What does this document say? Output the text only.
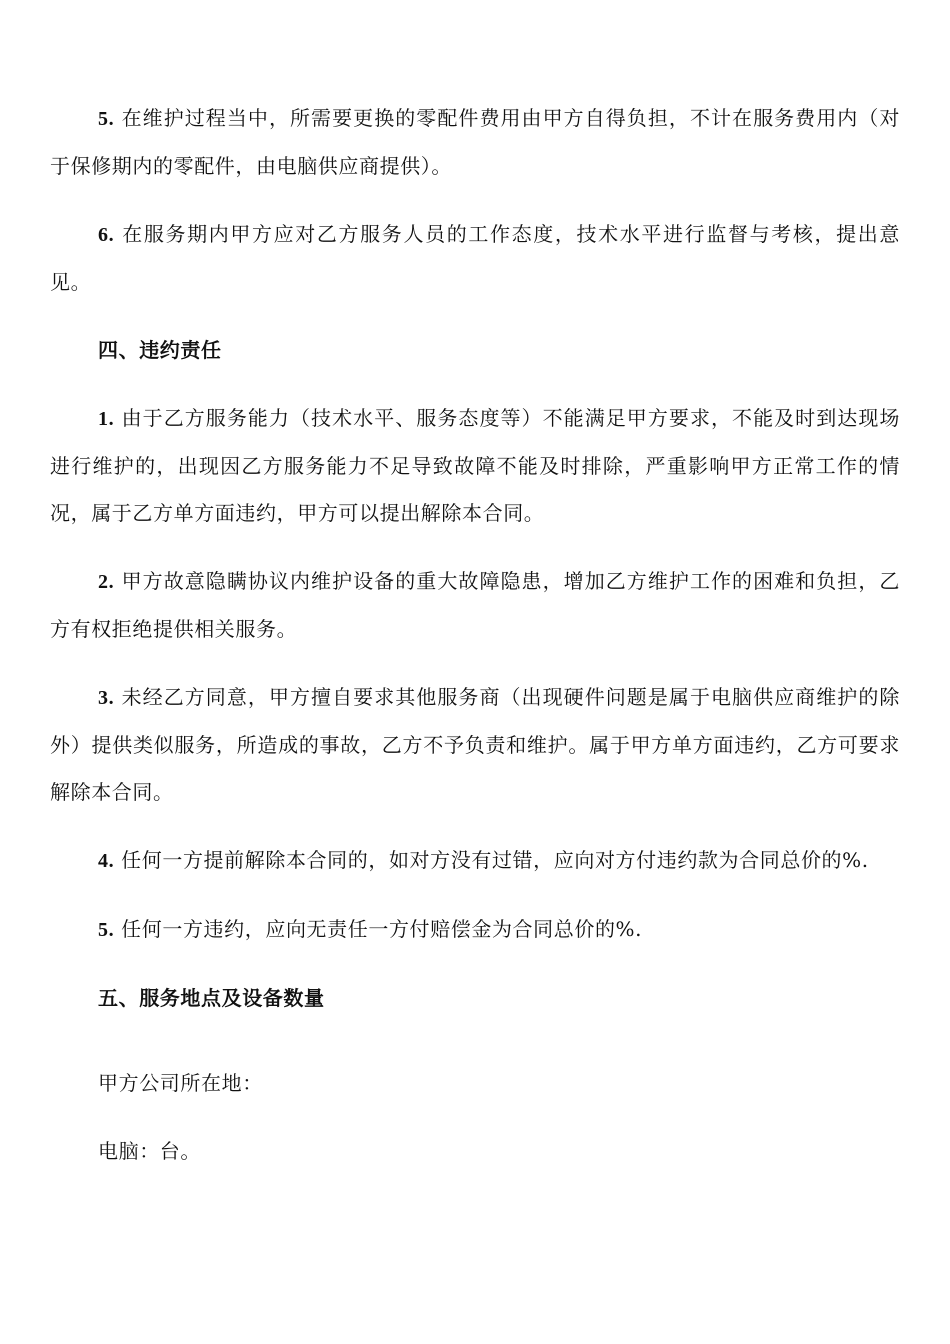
5. 在维护过程当中，所需要更换的零配件费用由甲方自得负担，不计在服务费用内（对于保修期内的零配件，由电脑供应商提供）。

6. 在服务期内甲方应对乙方服务人员的工作态度，技术水平进行监督与考核，提出意见。

四、违约责任

1. 由于乙方服务能力（技术水平、服务态度等）不能满足甲方要求，不能及时到达现场进行维护的，出现因乙方服务能力不足导致故障不能及时排除，严重影响甲方正常工作的情况，属于乙方单方面违约，甲方可以提出解除本合同。

2. 甲方故意隐瞒协议内维护设备的重大故障隐患，增加乙方维护工作的困难和负担，乙方有权拒绝提供相关服务。

3. 未经乙方同意，甲方擅自要求其他服务商（出现硬件问题是属于电脑供应商维护的除外）提供类似服务，所造成的事故，乙方不予负责和维护。属于甲方单方面违约，乙方可要求解除本合同。

4. 任何一方提前解除本合同的，如对方没有过错，应向对方付违约款为合同总价的%.

5. 任何一方违约，应向无责任一方付赔偿金为合同总价的%.

五、服务地点及设备数量

甲方公司所在地：

电脑：台。
